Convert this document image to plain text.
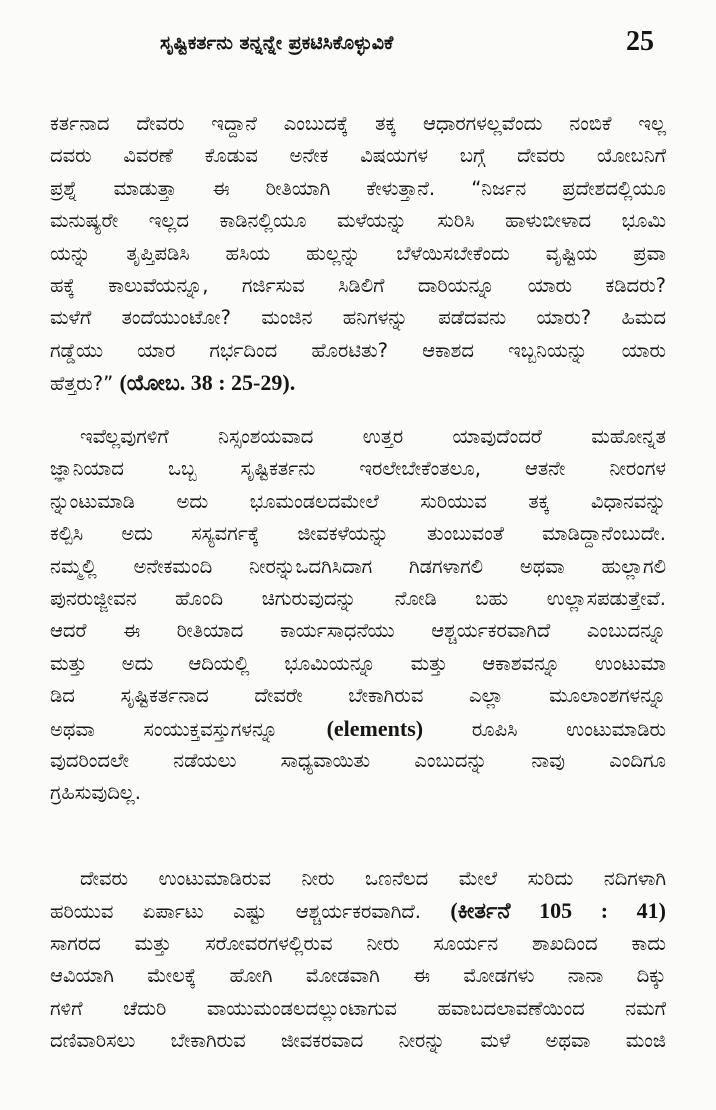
ಸೃಷ್ಟಿಕರ್ತನು ತನ್ನನ್ನೇ ಪ್ರಕಟಿಸಿಕೊಳ್ಳುವಿಕೆ	25
ಕರ್ತನಾದ ದೇವರು ಇದ್ದಾನೆ ಎಂಬುದಕ್ಕೆ ತಕ್ಕ ಆಧಾರಗಳಲ್ಲವೆಂದು ನಂಬಿಕೆ ಇಲ್ಲ
ದವರು ವಿವರಣೆ ಕೊಡುವ ಅನೇಕ ವಿಷಯಗಳ ಬಗ್ಗೆ ದೇವರು ಯೋಬನಿಗೆ
ಪ್ರಶ್ನೆ ಮಾಡುತ್ತಾ ಈ ರೀತಿಯಾಗಿ ಕೇಳುತ್ತಾನೆ. “ನಿರ್ಜನ ಪ್ರದೇಶದಲ್ಲಿಯೂ
ಮನುಷ್ಯರೇ ಇಲ್ಲದ ಕಾಡಿನಲ್ಲಿಯೂ ಮಳೆಯನ್ನು ಸುರಿಸಿ ಹಾಳುಬೀಳಾದ ಭೂಮಿ
ಯನ್ನು ತೃಪ್ತಿಪಡಿಸಿ ಹಸಿಯ ಹುಲ್ಲನ್ನು ಬೆಳೆಯಿಸಬೇಕೆಂದು ವೃಷ್ಟಿಯ ಪ್ರವಾ
ಹಕ್ಕೆ ಕಾಲುವೆಯನ್ನೂ, ಗರ್ಜಿಸುವ ಸಿಡಿಲಿಗೆ ದಾರಿಯನ್ನೂ ಯಾರು ಕಡಿದರು?
ಮಳೆಗೆ ತಂದೆಯುಂಟೋ? ಮಂಜಿನ ಹನಿಗಳನ್ನು ಪಡೆದವನು ಯಾರು? ಹಿಮದ
ಗಡ್ಡೆಯು ಯಾರ ಗರ್ಭದಿಂದ ಹೊರಟಿತು? ಆಕಾಶದ ಇಬ್ಬನಿಯನ್ನು ಯಾರು
ಹೆತ್ತರು?” (ಯೋಬ. 38 : 25-29).
ಇವೆಲ್ಲವುಗಳಿಗೆ ನಿಸ್ಸಂಶಯವಾದ ಉತ್ತರ ಯಾವುದೆಂದರೆ ಮಹೋನ್ನತ
ಜ್ಞಾನಿಯಾದ ಒಬ್ಬ ಸೃಷ್ಟಿಕರ್ತನು ಇರಲೇಬೇಕೆಂತಲೂ, ಆತನೇ ನೀರಂಗಳ
ನ್ನುಂಟುಮಾಡಿ ಅದು ಭೂಮಂಡಲದಮೇಲೆ ಸುರಿಯುವ ತಕ್ಕ ವಿಧಾನವನ್ನು
ಕಲ್ಪಿಸಿ ಅದು ಸಸ್ಯವರ್ಗಕ್ಕೆ ಜೀವಕಳೆಯನ್ನು ತುಂಬುವಂತೆ ಮಾಡಿದ್ದಾನೆಂಬುದೇ.
ನಮ್ಮಲ್ಲಿ ಅನೇಕಮಂದಿ ನೀರನ್ನುಒದಗಿಸಿದಾಗ ಗಿಡಗಳಾಗಲಿ ಅಥವಾ ಹುಲ್ಲಾಗಲಿ
ಪುನರುಜ್ಜೀವನ ಹೊಂದಿ ಚಿಗುರುವುದನ್ನು ನೋಡಿ ಬಹು ಉಲ್ಲಾಸಪಡುತ್ತೇವೆ.
ಆದರೆ ಈ ರೀತಿಯಾದ ಕಾರ್ಯಸಾಧನೆಯು ಆಶ್ಚರ್ಯಕರವಾಗಿದೆ ಎಂಬುದನ್ನೂ
ಮತ್ತು ಅದು ಆದಿಯಲ್ಲಿ ಭೂಮಿಯನ್ನೂ ಮತ್ತು ಆಕಾಶವನ್ನೂ ಉಂಟುಮಾ
ಡಿದ ಸೃಷ್ಟಿಕರ್ತನಾದ ದೇವರೇ ಬೇಕಾಗಿರುವ ಎಲ್ಲಾ ಮೂಲಾಂಶಗಳನ್ನೂ
ಅಥವಾ ಸಂಯುಕ್ತವಸ್ತುಗಳನ್ನೂ (elements) ರೂಪಿಸಿ ಉಂಟುಮಾಡಿರು
ವುದರಿಂದಲೇ ನಡೆಯಲು ಸಾಧ್ಯವಾಯಿತು ಎಂಬುದನ್ನು ನಾವು ಎಂದಿಗೂ
ಗ್ರಹಿಸುವುದಿಲ್ಲ.
ದೇವರು ಉಂಟುಮಾಡಿರುವ ನೀರು ಒಣನೆಲದ ಮೇಲೆ ಸುರಿದು ನದಿಗಳಾಗಿ
ಹರಿಯುವ ಏರ್ಪಾಟು ಎಷ್ಟು ಆಶ್ಚರ್ಯಕರವಾಗಿದೆ. (ಕೀರ್ತನೆ 105 : 41)
ಸಾಗರದ ಮತ್ತು ಸರೋವರಗಳಲ್ಲಿರುವ ನೀರು ಸೂರ್ಯನ ಶಾಖದಿಂದ ಕಾದು
ಆವಿಯಾಗಿ ಮೇಲಕ್ಕೆ ಹೋಗಿ ಮೋಡವಾಗಿ ಈ ಮೋಡಗಳು ನಾನಾ ದಿಕ್ಕು
ಗಳಿಗೆ ಚೆದುರಿ ವಾಯುಮಂಡಲದಲ್ಲುಂಟಾಗುವ ಹವಾಬದಲಾವಣೆಯಿಂದ ನಮಗೆ
ದಣಿವಾರಿಸಲು ಬೇಕಾಗಿರುವ ಜೀವಕರವಾದ ನೀರನ್ನು ಮಳೆ ಅಥವಾ ಮಂಜಿ
